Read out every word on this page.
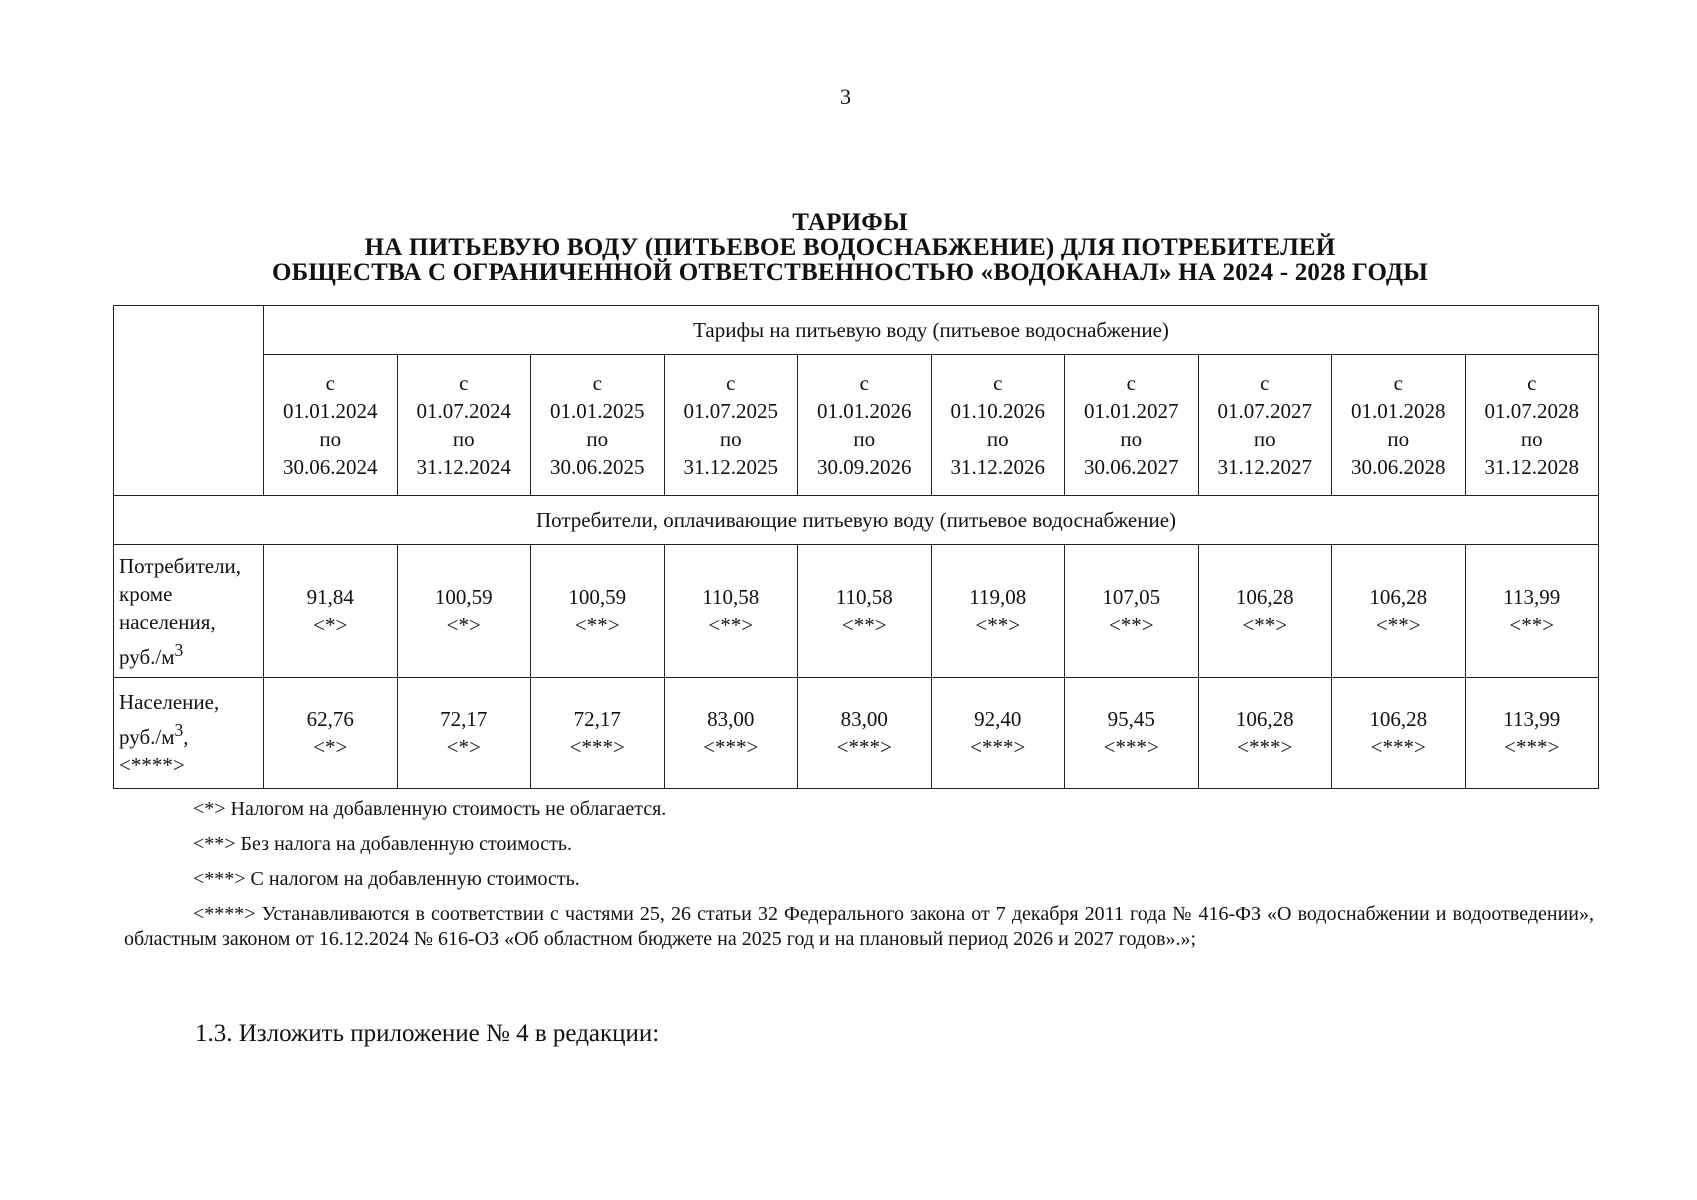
3
ТАРИФЫ
НА ПИТЬЕВУЮ ВОДУ (ПИТЬЕВОЕ ВОДОСНАБЖЕНИЕ) ДЛЯ ПОТРЕБИТЕЛЕЙ
ОБЩЕСТВА С ОГРАНИЧЕННОЙ ОТВЕТСТВЕННОСТЬЮ «ВОДОКАНАЛ» НА 2024 - 2028 ГОДЫ
	Тарифы на питьевую воду (питьевое водоснабжение)									

	с
01.01.2024
по
30.06.2024	с
01.07.2024
по
31.12.2024	с
01.01.2025
по
30.06.2025	с
01.07.2025
по
31.12.2025	с
01.01.2026
по
30.09.2026	с
01.10.2026
по
31.12.2026	с
01.01.2027
по
30.06.2027	с
01.07.2027
по
31.12.2027	с
01.01.2028
по
30.06.2028	с
01.07.2028
по
31.12.2028

Потребители, оплачивающие питьевую воду (питьевое водоснабжение)										
Потребители,
кроме
населения,
$руб./м^3$	91,84
<*>	100,59
<*>	100,59
<**>	110,58
<**>	110,58
<**>	119,08
<**>	107,05
<**>	106,28
<**>	106,28
<**>	113,99
<**>

Население,
$руб./м^3$,
<****>	62,76
<*>	72,17
<*>	72,17
<***>	83,00
<***>	83,00
<***>	92,40
<***>	95,45
<***>	106,28
<***>	106,28
<***>	113,99
<***>

<*> Налогом на добавленную стоимость не облагается.

<**> Без налога на добавленную стоимость.

<***> С налогом на добавленную стоимость.

<****> Устанавливаются в соответствии с частями 25, 26 статьи 32 Федерального закона от 7 декабря 2011 года № 416-ФЗ «О водоснабжении и водоотведении», областным законом от 16.12.2024 № 616-ОЗ «Об областном бюджете на 2025 год и на плановый период 2026 и 2027 годов».»;

1.3. Изложить приложение № 4 в редакции:
